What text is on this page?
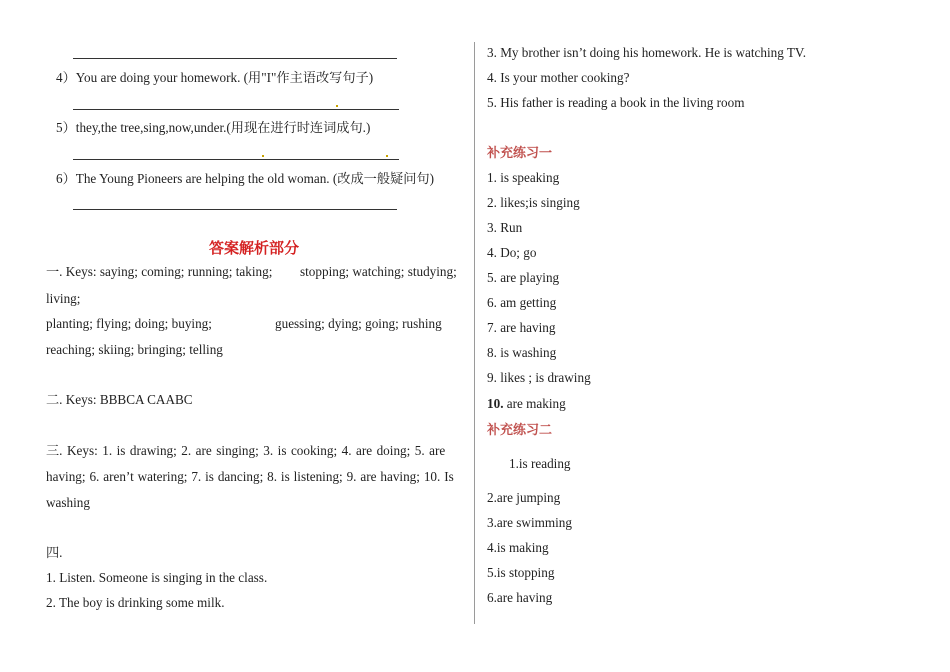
4）You are doing your homework. (用"I"作主语改写句子)
5）they,the tree,sing,now,under.(用现在进行时连词成句.)
6）The Young Pioneers are helping the old woman. (改成一般疑问句)
答案解析部分
一. Keys: saying; coming; running; taking; stopping; watching; studying;
living;
planting; flying; doing; buying;	guessing; dying; going; rushing
reaching; skiing; bringing; telling
二. Keys: BBBCA CAABC
三. Keys: 1. is drawing; 2. are singing; 3. is cooking; 4. are doing; 5. are
having; 6. aren’t watering; 7. is dancing; 8. is listening; 9. are having; 10. Is
washing
四.
1. Listen. Someone is singing in the class.
2. The boy is drinking some milk.
3. My brother isn’t doing his homework. He is watching TV.
4. Is your mother cooking?
5. His father is reading a book in the living room
补充练习一
1. is speaking
2. likes;is singing
3. Run
4. Do; go
5. are playing
6. am getting
7. are having
8. is washing
9. likes ; is drawing
10. are making
补充练习二
1.is reading
2.are jumping
3.are swimming
4.is making
5.is stopping
6.are having
